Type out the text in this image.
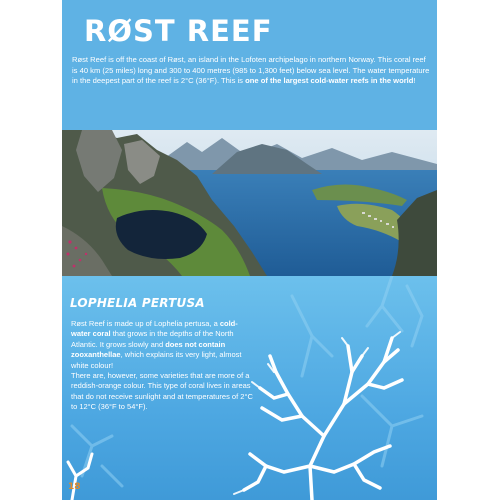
RØST REEF

Røst Reef is off the coast of Røst, an island in the Lofoten archipelago in northern Norway. This coral reef is 40 km (25 miles) long and 300 to 400 metres (985 to 1,300 feet) below sea level. The water temperature in the deepest part of the reef is 2°C (36°F). This is one of the largest cold-water reefs in the world!

LOPHELIA PERTUSA

Røst Reef is made up of Lophelia pertusa, a cold-water coral that grows in the depths of the North Atlantic. It grows slowly and does not contain zooxanthellae, which explains its very light, almost white colour!

There are, however, some varieties that are more of a reddish-orange colour. This type of coral lives in areas that do not receive sunlight and at temperatures of 2°C to 12°C (36°F to 54°F).

18
